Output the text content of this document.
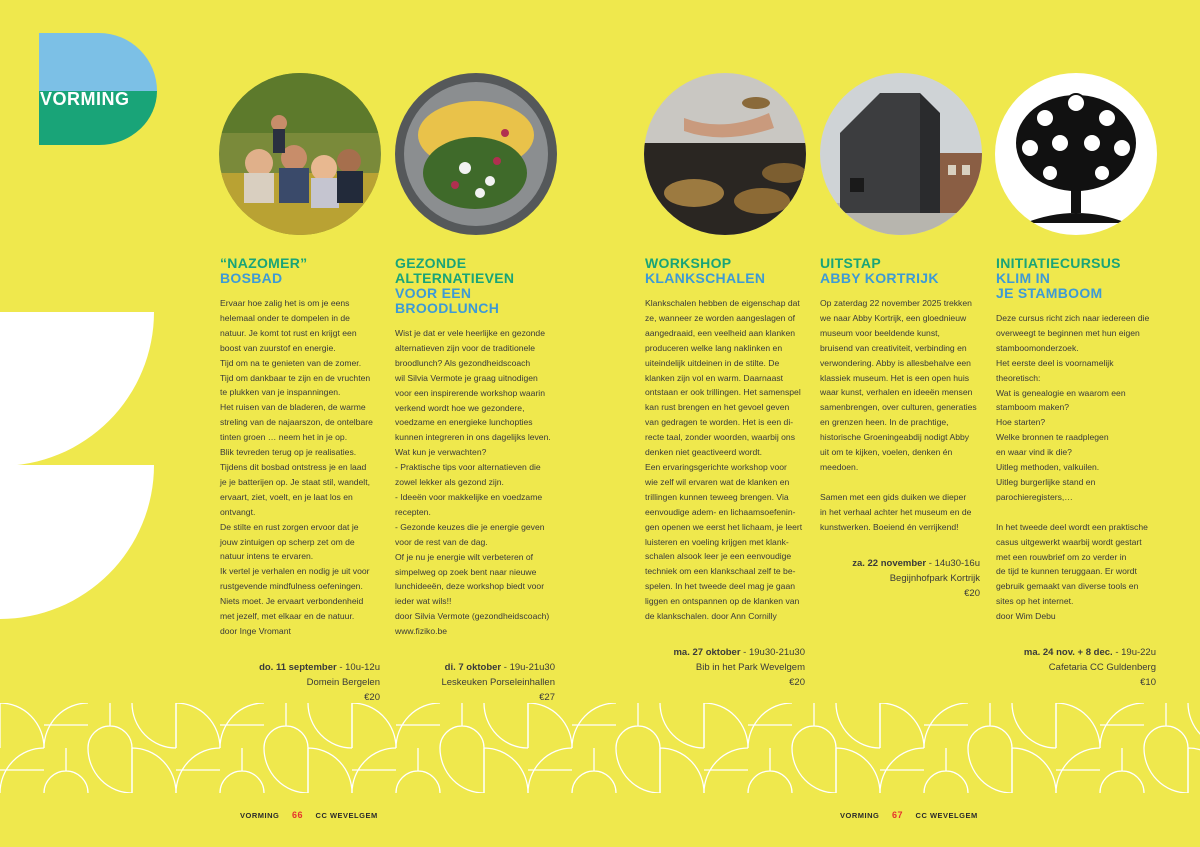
VORMING
“NAZOMER”
BOSBAD
Ervaar hoe zalig het is om je eens
helemaal onder te dompelen in de
natuur. Je komt tot rust en krijgt een
boost van zuurstof en energie.
Tijd om na te genieten van de zomer.
Tijd om dankbaar te zijn en de vruchten
te plukken van je inspanningen.
Het ruisen van de bladeren, de warme
streling van de najaarszon, de ontelbare
tinten groen … neem het in je op.
Blik tevreden terug op je realisaties.
Tijdens dit bosbad ontstress je en laad
je je batterijen op. Je staat stil, wandelt,
ervaart, ziet, voelt, en je laat los en
ontvangt.
De stilte en rust zorgen ervoor dat je
jouw zintuigen op scherp zet om de
natuur intens te ervaren.
Ik vertel je verhalen en nodig je uit voor
rustgevende mindfulness oefeningen.
Niets moet. Je ervaart verbondenheid
met jezelf, met elkaar en de natuur.
door Inge Vromant
do. 11 september - 10u-12u
Domein Bergelen
€20
GEZONDE
ALTERNATIEVEN
VOOR EEN
BROODLUNCH
Wist je dat er vele heerlijke en gezonde
alternatieven zijn voor de traditionele
broodlunch? Als gezondheidscoach
wil Silvia Vermote je graag uitnodigen
voor een inspirerende workshop waarin
verkend wordt hoe we gezondere,
voedzame en energieke lunchopties
kunnen integreren in ons dagelijks leven.
Wat kun je verwachten?
- Praktische tips voor alternatieven die
zowel lekker als gezond zijn.
- Ideeën voor makkelijke en voedzame
recepten.
- Gezonde keuzes die je energie geven
voor de rest van de dag.
Of je nu je energie wilt verbeteren of
simpelweg op zoek bent naar nieuwe
lunchideeën, deze workshop biedt voor
ieder wat wils!!
door Silvia Vermote (gezondheidscoach)
www.fiziko.be
di. 7 oktober - 19u-21u30
Leskeuken Porseleinhallen
€27
WORKSHOP
KLANKSCHALEN
Klankschalen hebben de eigenschap dat
ze, wanneer ze worden aangeslagen of
aangedraaid, een veelheid aan klanken
produceren welke lang naklinken en
uiteindelijk uitdeinen in de stilte. De
klanken zijn vol en warm. Daarnaast
ontstaan er ook trillingen. Het samenspel
kan rust brengen en het gevoel geven
van gedragen te worden. Het is een di-
recte taal, zonder woorden, waarbij ons
denken niet geactiveerd wordt.
Een ervaringsgerichte workshop voor
wie zelf wil ervaren wat de klanken en
trillingen kunnen teweeg brengen. Via
eenvoudige adem- en lichaamsoefenin-
gen openen we eerst het lichaam, je leert
luisteren en voeling krijgen met klank-
schalen alsook leer je een eenvoudige
techniek om een klankschaal zelf te be-
spelen. In het tweede deel mag je gaan
liggen en ontspannen op de klanken van
de klankschalen. door Ann Cornilly
ma. 27 oktober - 19u30-21u30
Bib in het Park Wevelgem
€20
UITSTAP
ABBY KORTRIJK
Op zaterdag 22 november 2025 trekken
we naar Abby Kortrijk, een gloednieuw
museum voor beeldende kunst,
bruisend van creativiteit, verbinding en
verwondering. Abby is allesbehalve een
klassiek museum. Het is een open huis
waar kunst, verhalen en ideeën mensen
samenbrengen, over culturen, generaties
en grenzen heen. In de prachtige,
historische Groeningeabdij nodigt Abby
uit om te kijken, voelen, denken én
meedoen.

Samen met een gids duiken we dieper
in het verhaal achter het museum en de
kunstwerken. Boeiend én verrijkend!
za. 22 november - 14u30-16u
Begijnhofpark Kortrijk
€20
INITIATIECURSUS
KLIM IN
JE STAMBOOM
Deze cursus richt zich naar iedereen die
overweegt te beginnen met hun eigen
stamboomonderzoek.
Het eerste deel is voornamelijk
theoretisch:
Wat is genealogie en waarom een
stamboom maken?
Hoe starten?
Welke bronnen te raadplegen
en waar vind ik die?
Uitleg methoden, valkuilen.
Uitleg burgerlijke stand en
parochieregisters,…

In het tweede deel wordt een praktische
casus uitgewerkt waarbij wordt gestart
met een rouwbrief om zo verder in
de tijd te kunnen teruggaan. Er wordt
gebruik gemaakt van diverse tools en
sites op het internet.
door Wim Debu
ma. 24 nov. + 8 dec. - 19u-22u
Cafetaria CC Guldenberg
€10
VORMING 66 CC WEVELGEM	VORMING 67 CC WEVELGEM
